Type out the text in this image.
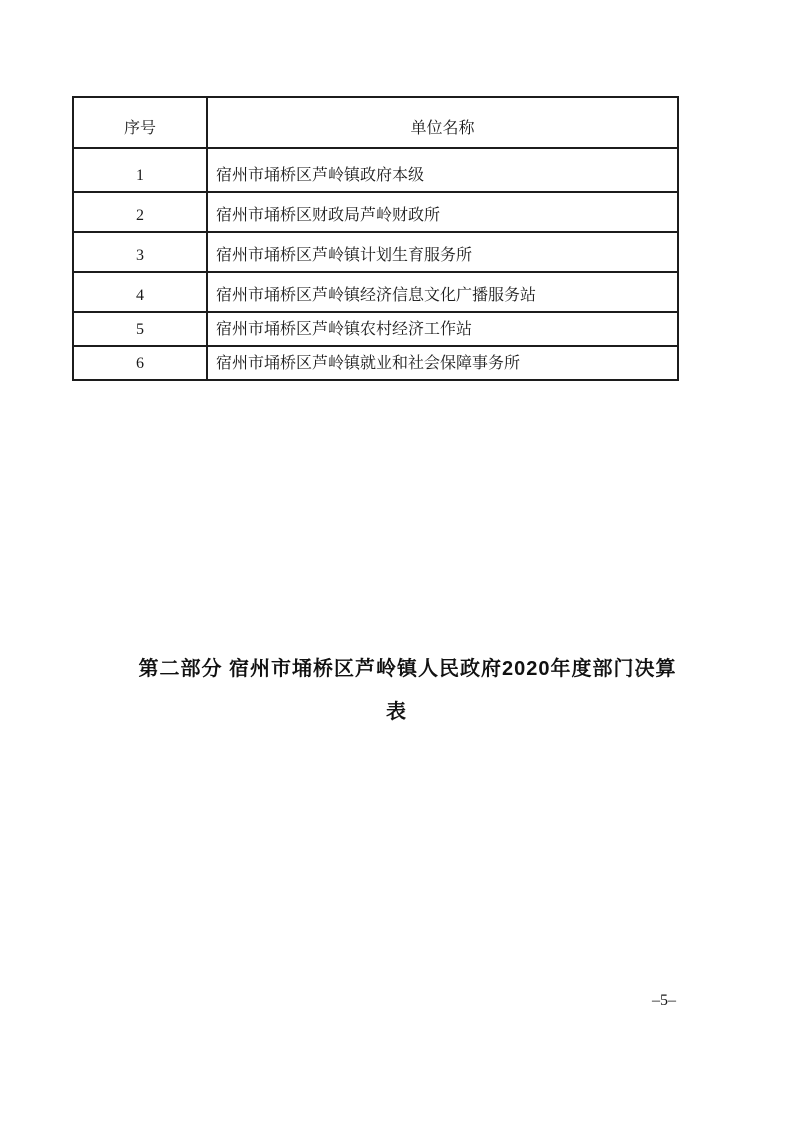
序号	单位名称
1	宿州市埇桥区芦岭镇政府本级
2	宿州市埇桥区财政局芦岭财政所
3	宿州市埇桥区芦岭镇计划生育服务所
4	宿州市埇桥区芦岭镇经济信息文化广播服务站
5	宿州市埇桥区芦岭镇农村经济工作站
6	宿州市埇桥区芦岭镇就业和社会保障事务所
第二部分 宿州市埇桥区芦岭镇人民政府2020年度部门决算
表
–5–
